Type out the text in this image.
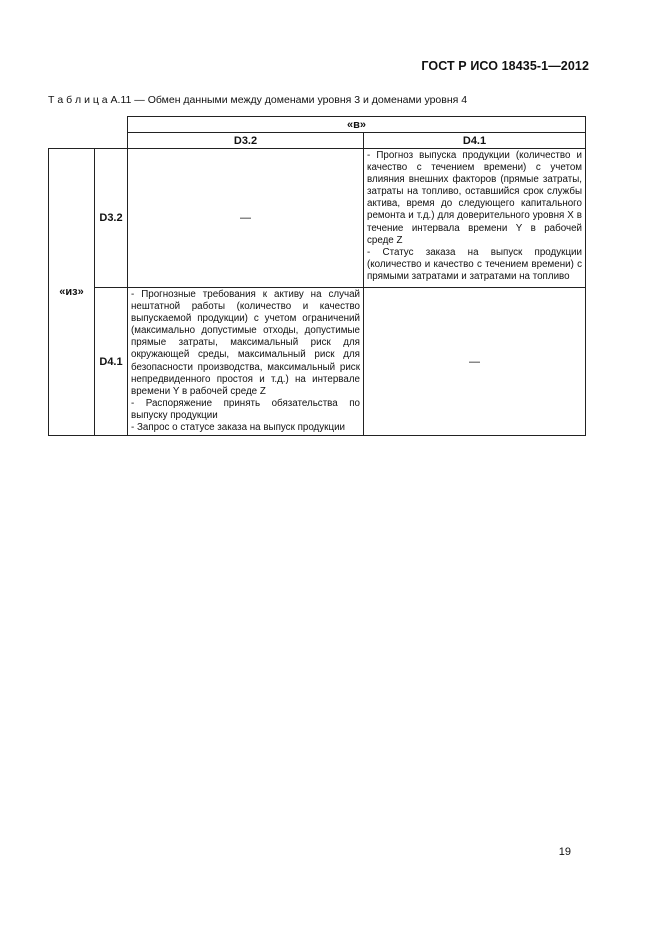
ГОСТ Р ИСО 18435-1—2012
Т а б л и ц а А.11 — Обмен данными между доменами уровня 3 и доменами уровня 4
		«в»	
		D3.2	D4.1
«из»	D3.2	—	- Прогноз выпуска продукции (количество и качество с течением времени) с учетом влияния внешних факторов (прямые затраты, затраты на топливо, оставшийся срок службы актива, время до следующего капитального ремонта и т.д.) для доверительного уровня X в течение интервала времени Y в рабочей среде Z
- Статус заказа на выпуск продукции (количество и качество с течением времени) с прямыми затратами и затратами на топливо

	D4.1	- Прогнозные требования к активу на случай нештатной работы (количество и качество выпускаемой продукции) с учетом ограничений (максимально допустимые отходы, допустимые прямые затраты, максимальный риск для окружающей среды, максимальный риск для безопасности производства, максимальный риск непредвиденного простоя и т.д.) на интервале времени Y в рабочей среде Z
- Распоряжение принять обязательства по выпуску продукции
- Запрос о статусе заказа на выпуск продукции	—
19
